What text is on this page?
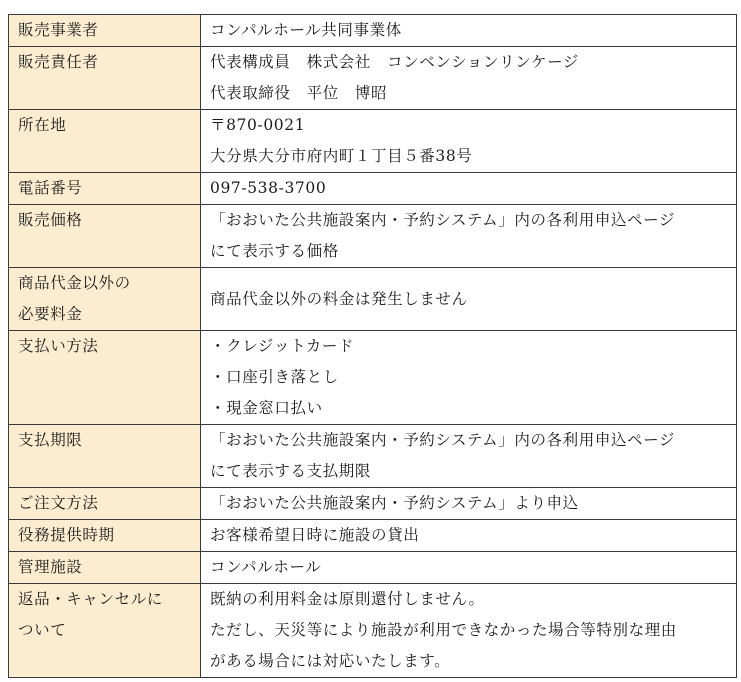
販売事業者	コンパルホール共同事業体

販売責任者	代表構成員　株式会社　コンベンションリンケージ
代表取締役　平位　博昭

所在地	〒870-0021
大分県大分市府内町１丁目５番38号

電話番号	097-538-3700

販売価格	「おおいた公共施設案内・予約システム」内の各利用申込ページ
にて表示する価格

商品代金以外の
必要料金	商品代金以外の料金は発生しません

支払い方法	・クレジットカード
・口座引き落とし
・現金窓口払い

支払期限	「おおいた公共施設案内・予約システム」内の各利用申込ページ
にて表示する支払期限

ご注文方法	「おおいた公共施設案内・予約システム」より申込

役務提供時期	お客様希望日時に施設の貸出

管理施設	コンパルホール

返品・キャンセルに
ついて	既納の利用料金は原則還付しません。
ただし、天災等により施設が利用できなかった場合等特別な理由
がある場合には対応いたします。
